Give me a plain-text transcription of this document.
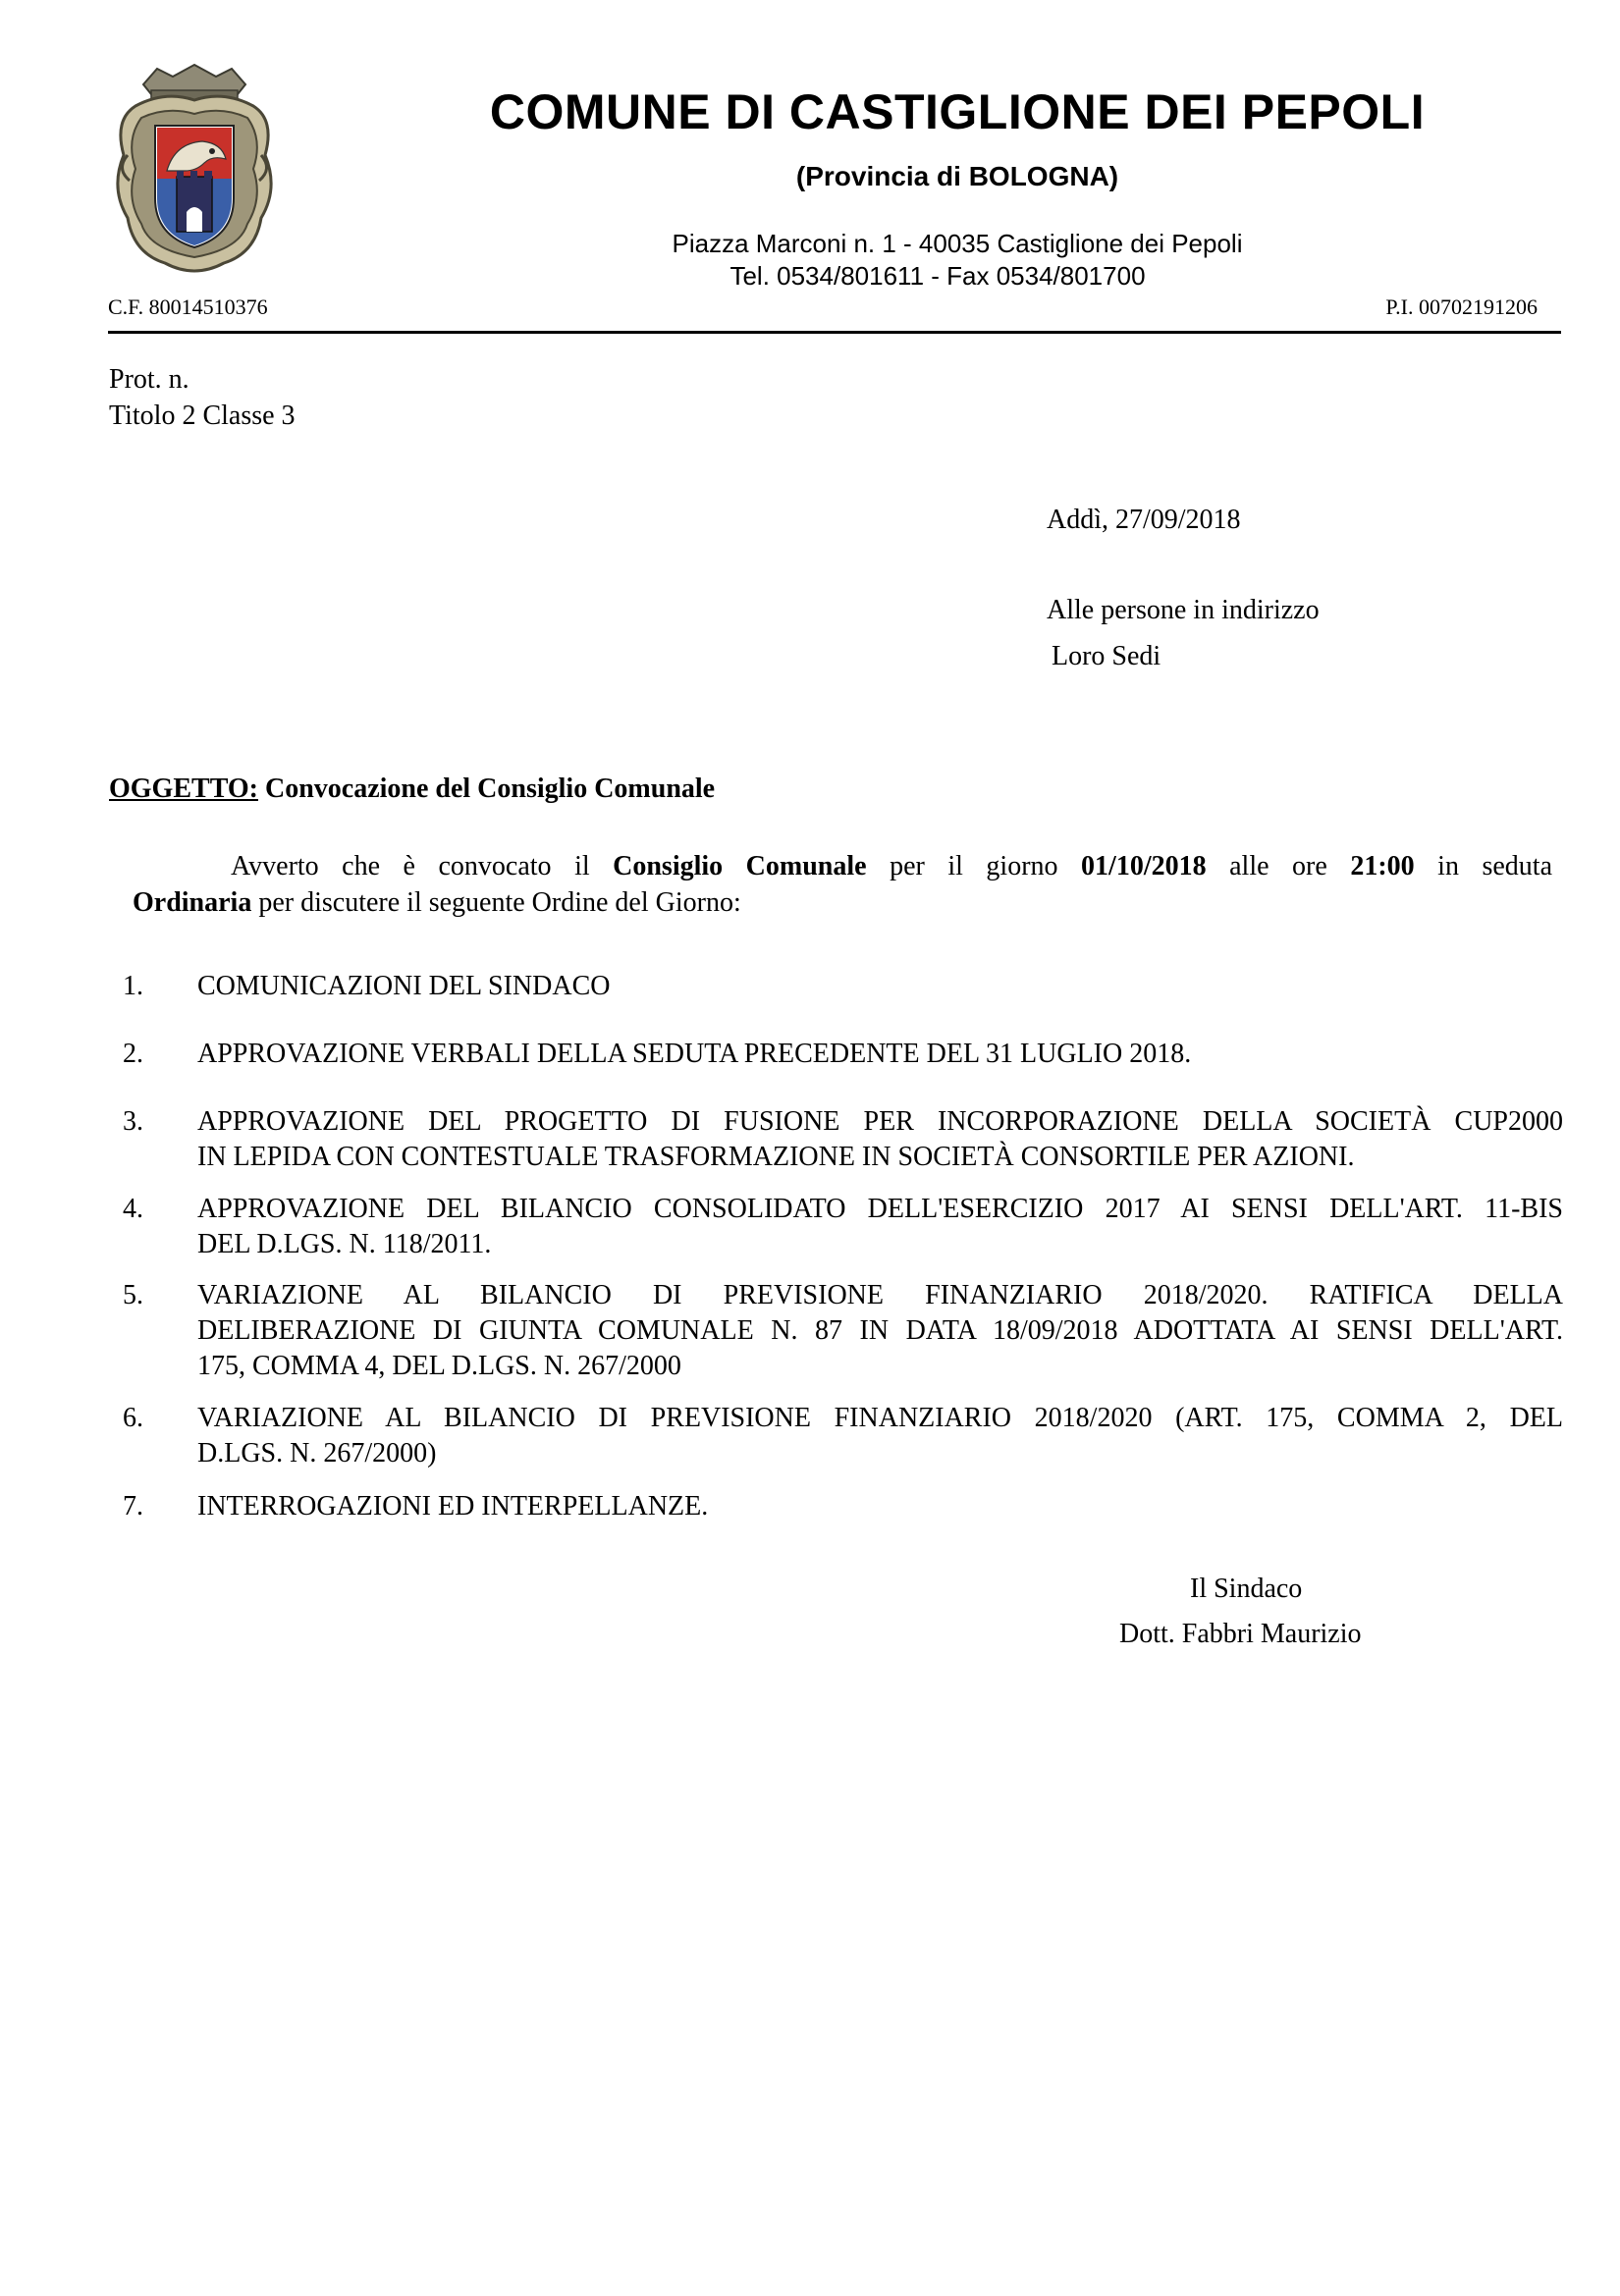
COMUNE DI CASTIGLIONE DEI PEPOLI
(Provincia di BOLOGNA)
Piazza Marconi n. 1 - 40035 Castiglione dei Pepoli
Tel. 0534/801611 - Fax 0534/801700
C.F. 80014510376	P.I. 00702191206
Prot. n.
Titolo 2 Classe 3
Addì, 27/09/2018
Alle persone in indirizzo
Loro Sedi
OGGETTO: Convocazione del Consiglio Comunale
Avverto che è convocato il Consiglio Comunale per il giorno 01/10/2018 alle ore 21:00 in seduta
Ordinaria per discutere il seguente Ordine del Giorno:
1.	COMUNICAZIONI DEL SINDACO
2.	APPROVAZIONE VERBALI DELLA SEDUTA PRECEDENTE DEL 31 LUGLIO 2018.
3.	APPROVAZIONE DEL PROGETTO DI FUSIONE PER INCORPORAZIONE DELLA SOCIETÀ CUP2000
IN LEPIDA CON CONTESTUALE TRASFORMAZIONE IN SOCIETÀ CONSORTILE PER AZIONI.
4.	APPROVAZIONE DEL BILANCIO CONSOLIDATO DELL'ESERCIZIO 2017 AI SENSI DELL'ART. 11-BIS
DEL D.LGS. N. 118/2011.
5.	VARIAZIONE AL BILANCIO DI PREVISIONE FINANZIARIO 2018/2020. RATIFICA DELLA
DELIBERAZIONE DI GIUNTA COMUNALE N. 87 IN DATA 18/09/2018 ADOTTATA AI SENSI DELL'ART.
175, COMMA 4, DEL D.LGS. N. 267/2000
6.	VARIAZIONE AL BILANCIO DI PREVISIONE FINANZIARIO 2018/2020 (ART. 175, COMMA 2, DEL
D.LGS. N. 267/2000)
7.	INTERROGAZIONI ED INTERPELLANZE.
Il Sindaco
Dott. Fabbri Maurizio
